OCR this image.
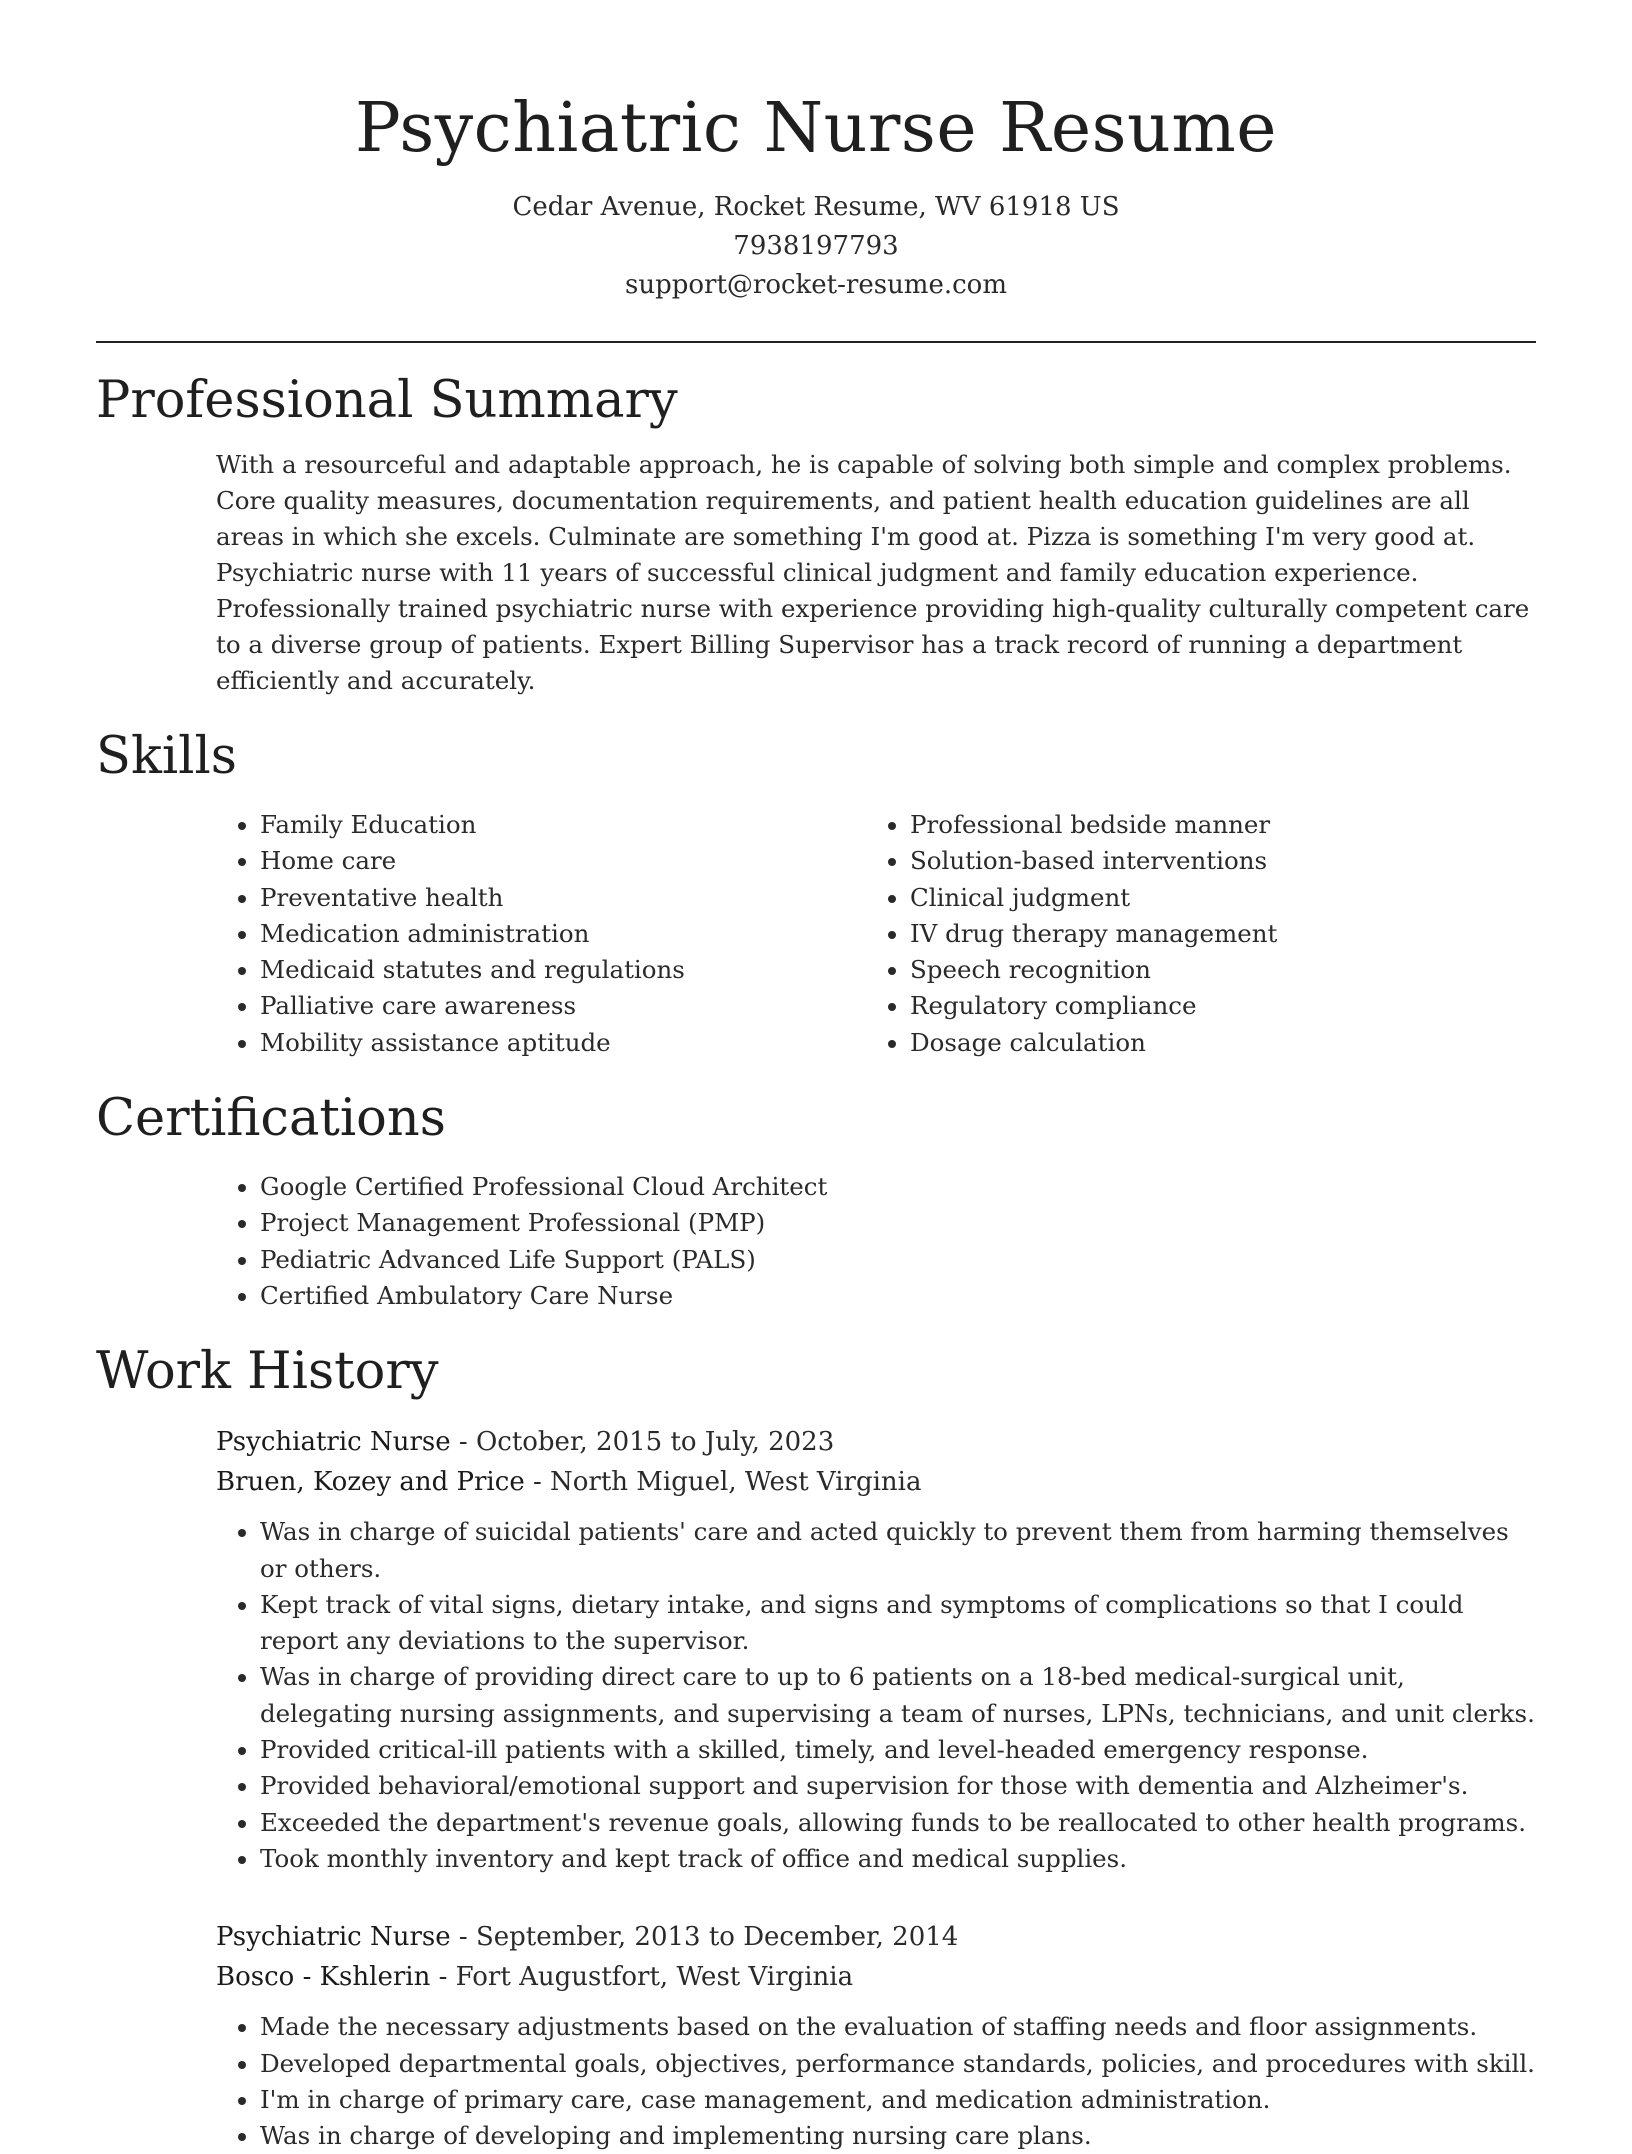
Psychiatric Nurse Resume
Cedar Avenue, Rocket Resume, WV 61918 US
7938197793
support@rocket-resume.com
Professional Summary

With a resourceful and adaptable approach, he is capable of solving both simple and complex problems. Core quality measures, documentation requirements, and patient health education guidelines are all areas in which she excels. Culminate are something I'm good at. Pizza is something I'm very good at. Psychiatric nurse with 11 years of successful clinical judgment and family education experience. Professionally trained psychiatric nurse with experience providing high-quality culturally competent care to a diverse group of patients. Expert Billing Supervisor has a track record of running a department efficiently and accurately.

Skills
• Family Education
• Home care
• Preventative health
• Medication administration
• Medicaid statutes and regulations
• Palliative care awareness
• Mobility assistance aptitude
• Professional bedside manner
• Solution-based interventions
• Clinical judgment
• IV drug therapy management
• Speech recognition
• Regulatory compliance
• Dosage calculation
Certifications
• Google Certified Professional Cloud Architect
• Project Management Professional (PMP)
• Pediatric Advanced Life Support (PALS)
• Certified Ambulatory Care Nurse
Work History
Psychiatric Nurse - October, 2015 to July, 2023
Bruen, Kozey and Price - North Miguel, West Virginia
• Was in charge of suicidal patients' care and acted quickly to prevent them from harming themselves or others.
• Kept track of vital signs, dietary intake, and signs and symptoms of complications so that I could report any deviations to the supervisor.
• Was in charge of providing direct care to up to 6 patients on a 18-bed medical-surgical unit, delegating nursing assignments, and supervising a team of nurses, LPNs, technicians, and unit clerks.
• Provided critical-ill patients with a skilled, timely, and level-headed emergency response.
• Provided behavioral/emotional support and supervision for those with dementia and Alzheimer's.
• Exceeded the department's revenue goals, allowing funds to be reallocated to other health programs.
• Took monthly inventory and kept track of office and medical supplies.
Psychiatric Nurse - September, 2013 to December, 2014
Bosco - Kshlerin - Fort Augustfort, West Virginia
• Made the necessary adjustments based on the evaluation of staffing needs and floor assignments.
• Developed departmental goals, objectives, performance standards, policies, and procedures with skill.
• I'm in charge of primary care, case management, and medication administration.
• Was in charge of developing and implementing nursing care plans.
